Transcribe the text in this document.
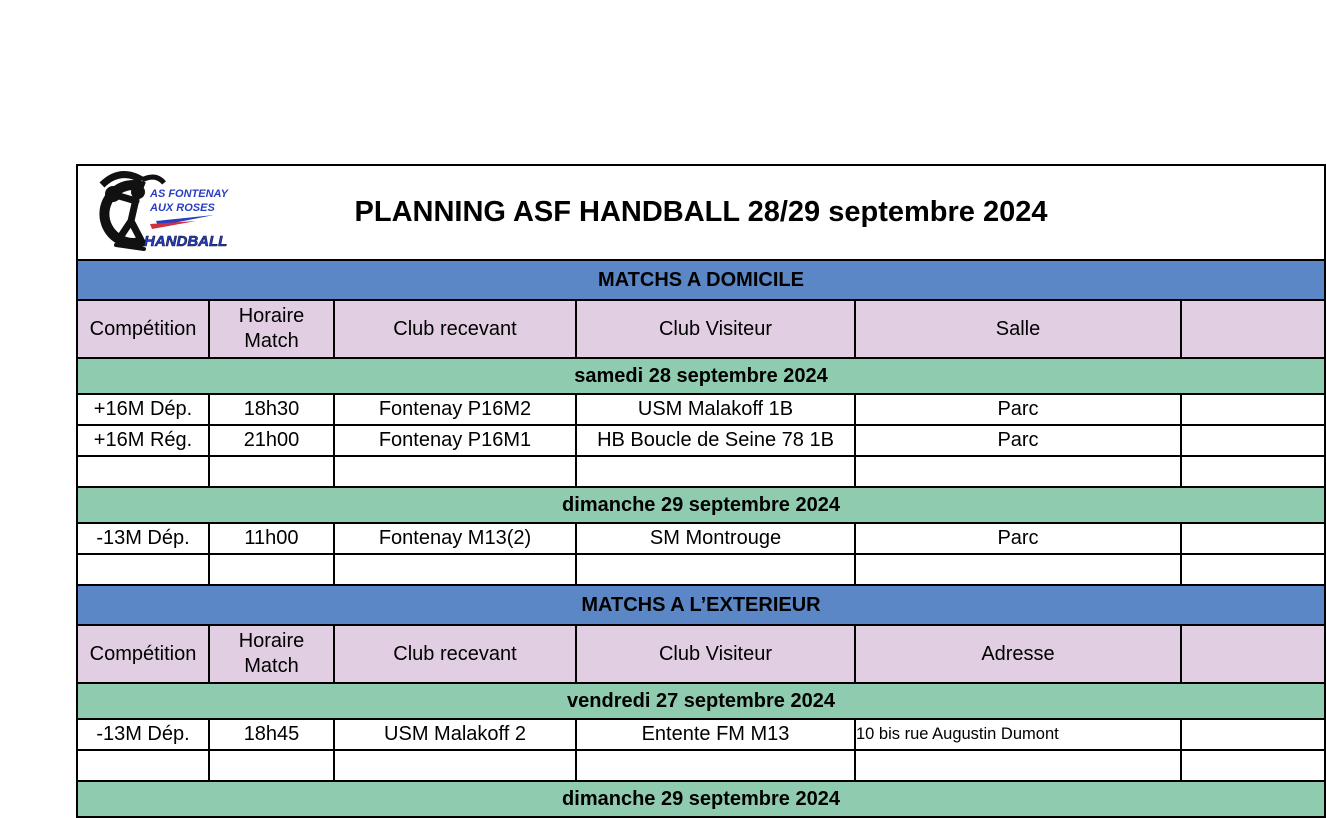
AS FONTENAY
AUX ROSES
HANDBALL
PLANNING ASF HANDBALL 28/29 septembre 2024					

MATCHS A DOMICILE					
Compétition	Horaire Match	Club recevant	Club Visiteur	Salle	
samedi 28 septembre 2024					
+16M Dép.	18h30	Fontenay P16M2	USM Malakoff 1B	Parc	
+16M Rég.	21h00	Fontenay P16M1	HB Boucle de Seine 78 1B	Parc	

dimanche 29 septembre 2024					
-13M Dép.	11h00	Fontenay M13(2)	SM Montrouge	Parc	

MATCHS A L’EXTERIEUR					
Compétition	Horaire Match	Club recevant	Club Visiteur	Adresse	
vendredi 27 septembre 2024					
-13M Dép.	18h45	USM Malakoff 2	Entente FM M13	10 bis rue Augustin Dumont	

dimanche 29 septembre 2024					
